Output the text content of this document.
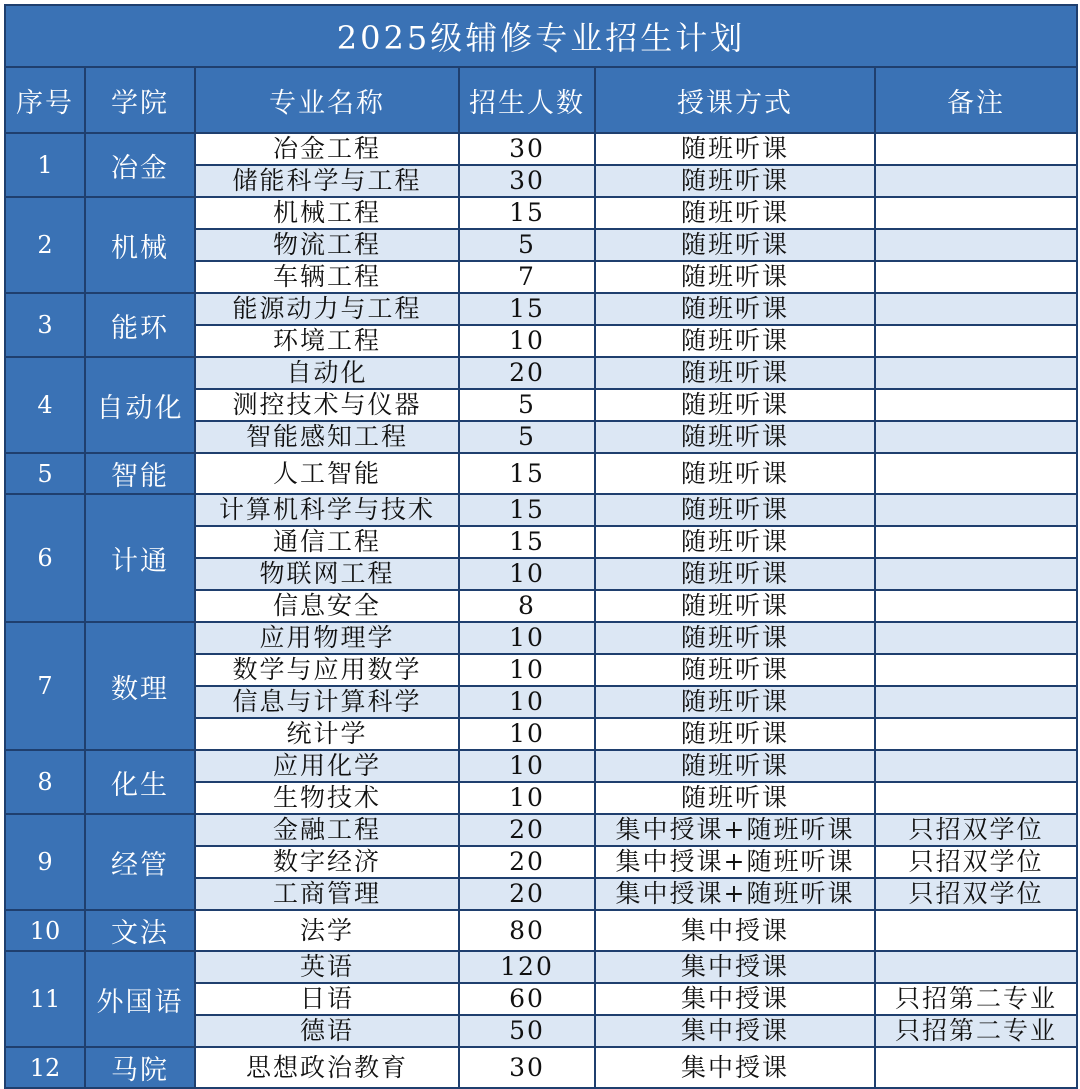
2025级辅修专业招生计划					
序号	学院	专业名称	招生人数	授课方式	备注
1	冶金	冶金工程	30	随班听课	
		储能科学与工程	30	随班听课	
2	机械	机械工程	15	随班听课	
		物流工程	5	随班听课	
		车辆工程	7	随班听课	
3	能环	能源动力与工程	15	随班听课	
		环境工程	10	随班听课	
4	自动化	自动化	20	随班听课	
		测控技术与仪器	5	随班听课	
		智能感知工程	5	随班听课	
5	智能	人工智能	15	随班听课	
6	计通	计算机科学与技术	15	随班听课	
		通信工程	15	随班听课	
		物联网工程	10	随班听课	
		信息安全	8	随班听课	
7	数理	应用物理学	10	随班听课	
		数学与应用数学	10	随班听课	
		信息与计算科学	10	随班听课	
		统计学	10	随班听课	
8	化生	应用化学	10	随班听课	
		生物技术	10	随班听课	
9	经管	金融工程	20	集中授课+随班听课	只招双学位
		数字经济	20	集中授课+随班听课	只招双学位
		工商管理	20	集中授课+随班听课	只招双学位
10	文法	法学	80	集中授课	
11	外国语	英语	120	集中授课	
		日语	60	集中授课	只招第二专业
		德语	50	集中授课	只招第二专业
12	马院	思想政治教育	30	集中授课	
